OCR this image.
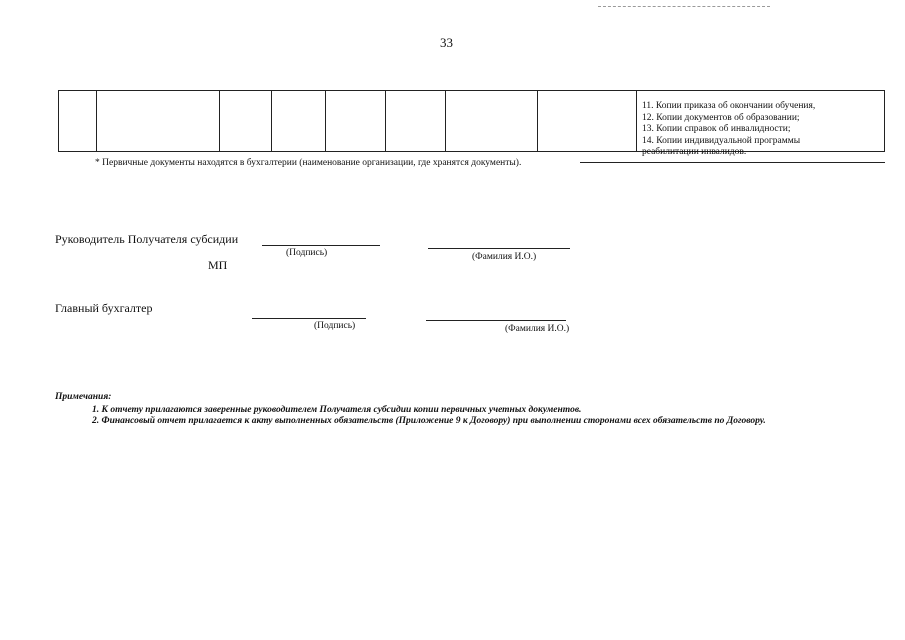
33
11. Копии приказа об окончании обучения,
12. Копии документов об образовании;
13. Копии справок об инвалидности;
14. Копии индивидуальной программы
реабилитации инвалидов.
* Первичные документы находятся в бухгалтерии (наименование организации, где хранятся документы).
Руководитель Получателя субсидии
(Подпись)	(Фамилия И.О.)
МП
Главный бухгалтер
(Подпись)	(Фамилия И.О.)
Примечания:
1. К отчету прилагаются заверенные руководителем Получателя субсидии копии первичных учетных документов.
2. Финансовый отчет прилагается к акту выполненных обязательств (Приложение 9 к Договору) при выполнении сторонами всех обязательств по Договору.
